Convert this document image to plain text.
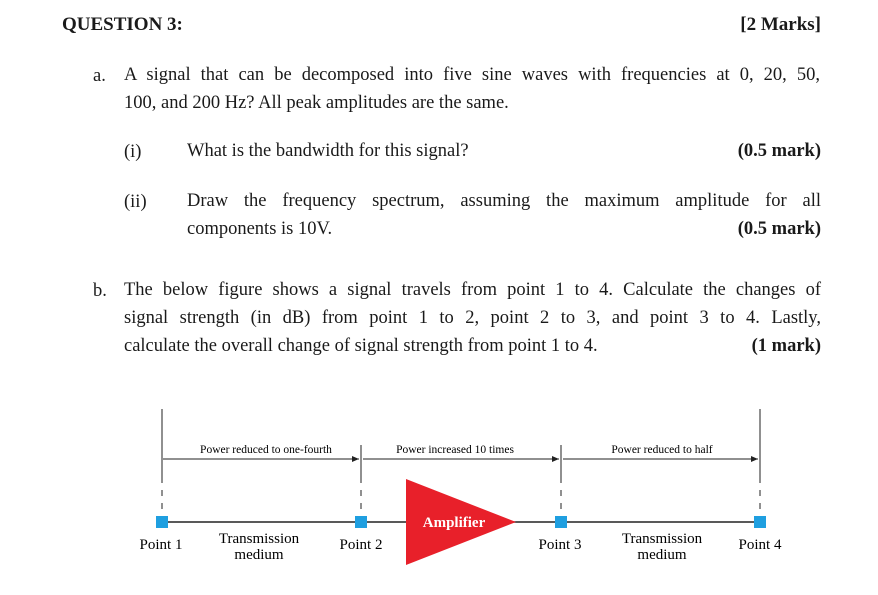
QUESTION 3:	[2 Marks]
a. A signal that can be decomposed into five sine waves with frequencies at 0, 20, 50,
100, and 200 Hz? All peak amplitudes are the same.
(i) What is the bandwidth for this signal?	(0.5 mark)
(ii) Draw the frequency spectrum, assuming the maximum amplitude for all
components is 10V.	(0.5 mark)
b. The below figure shows a signal travels from point 1 to 4. Calculate the changes of
signal strength (in dB) from point 1 to 2, point 2 to 3, and point 3 to 4. Lastly,
calculate the overall change of signal strength from point 1 to 4.	(1 mark)
Power reduced to one-fourth	Power increased 10 times	Power reduced to half
Amplifier
Point 1	Point 2	Point 3	Point 4
Transmission
medium
Transmission
medium
